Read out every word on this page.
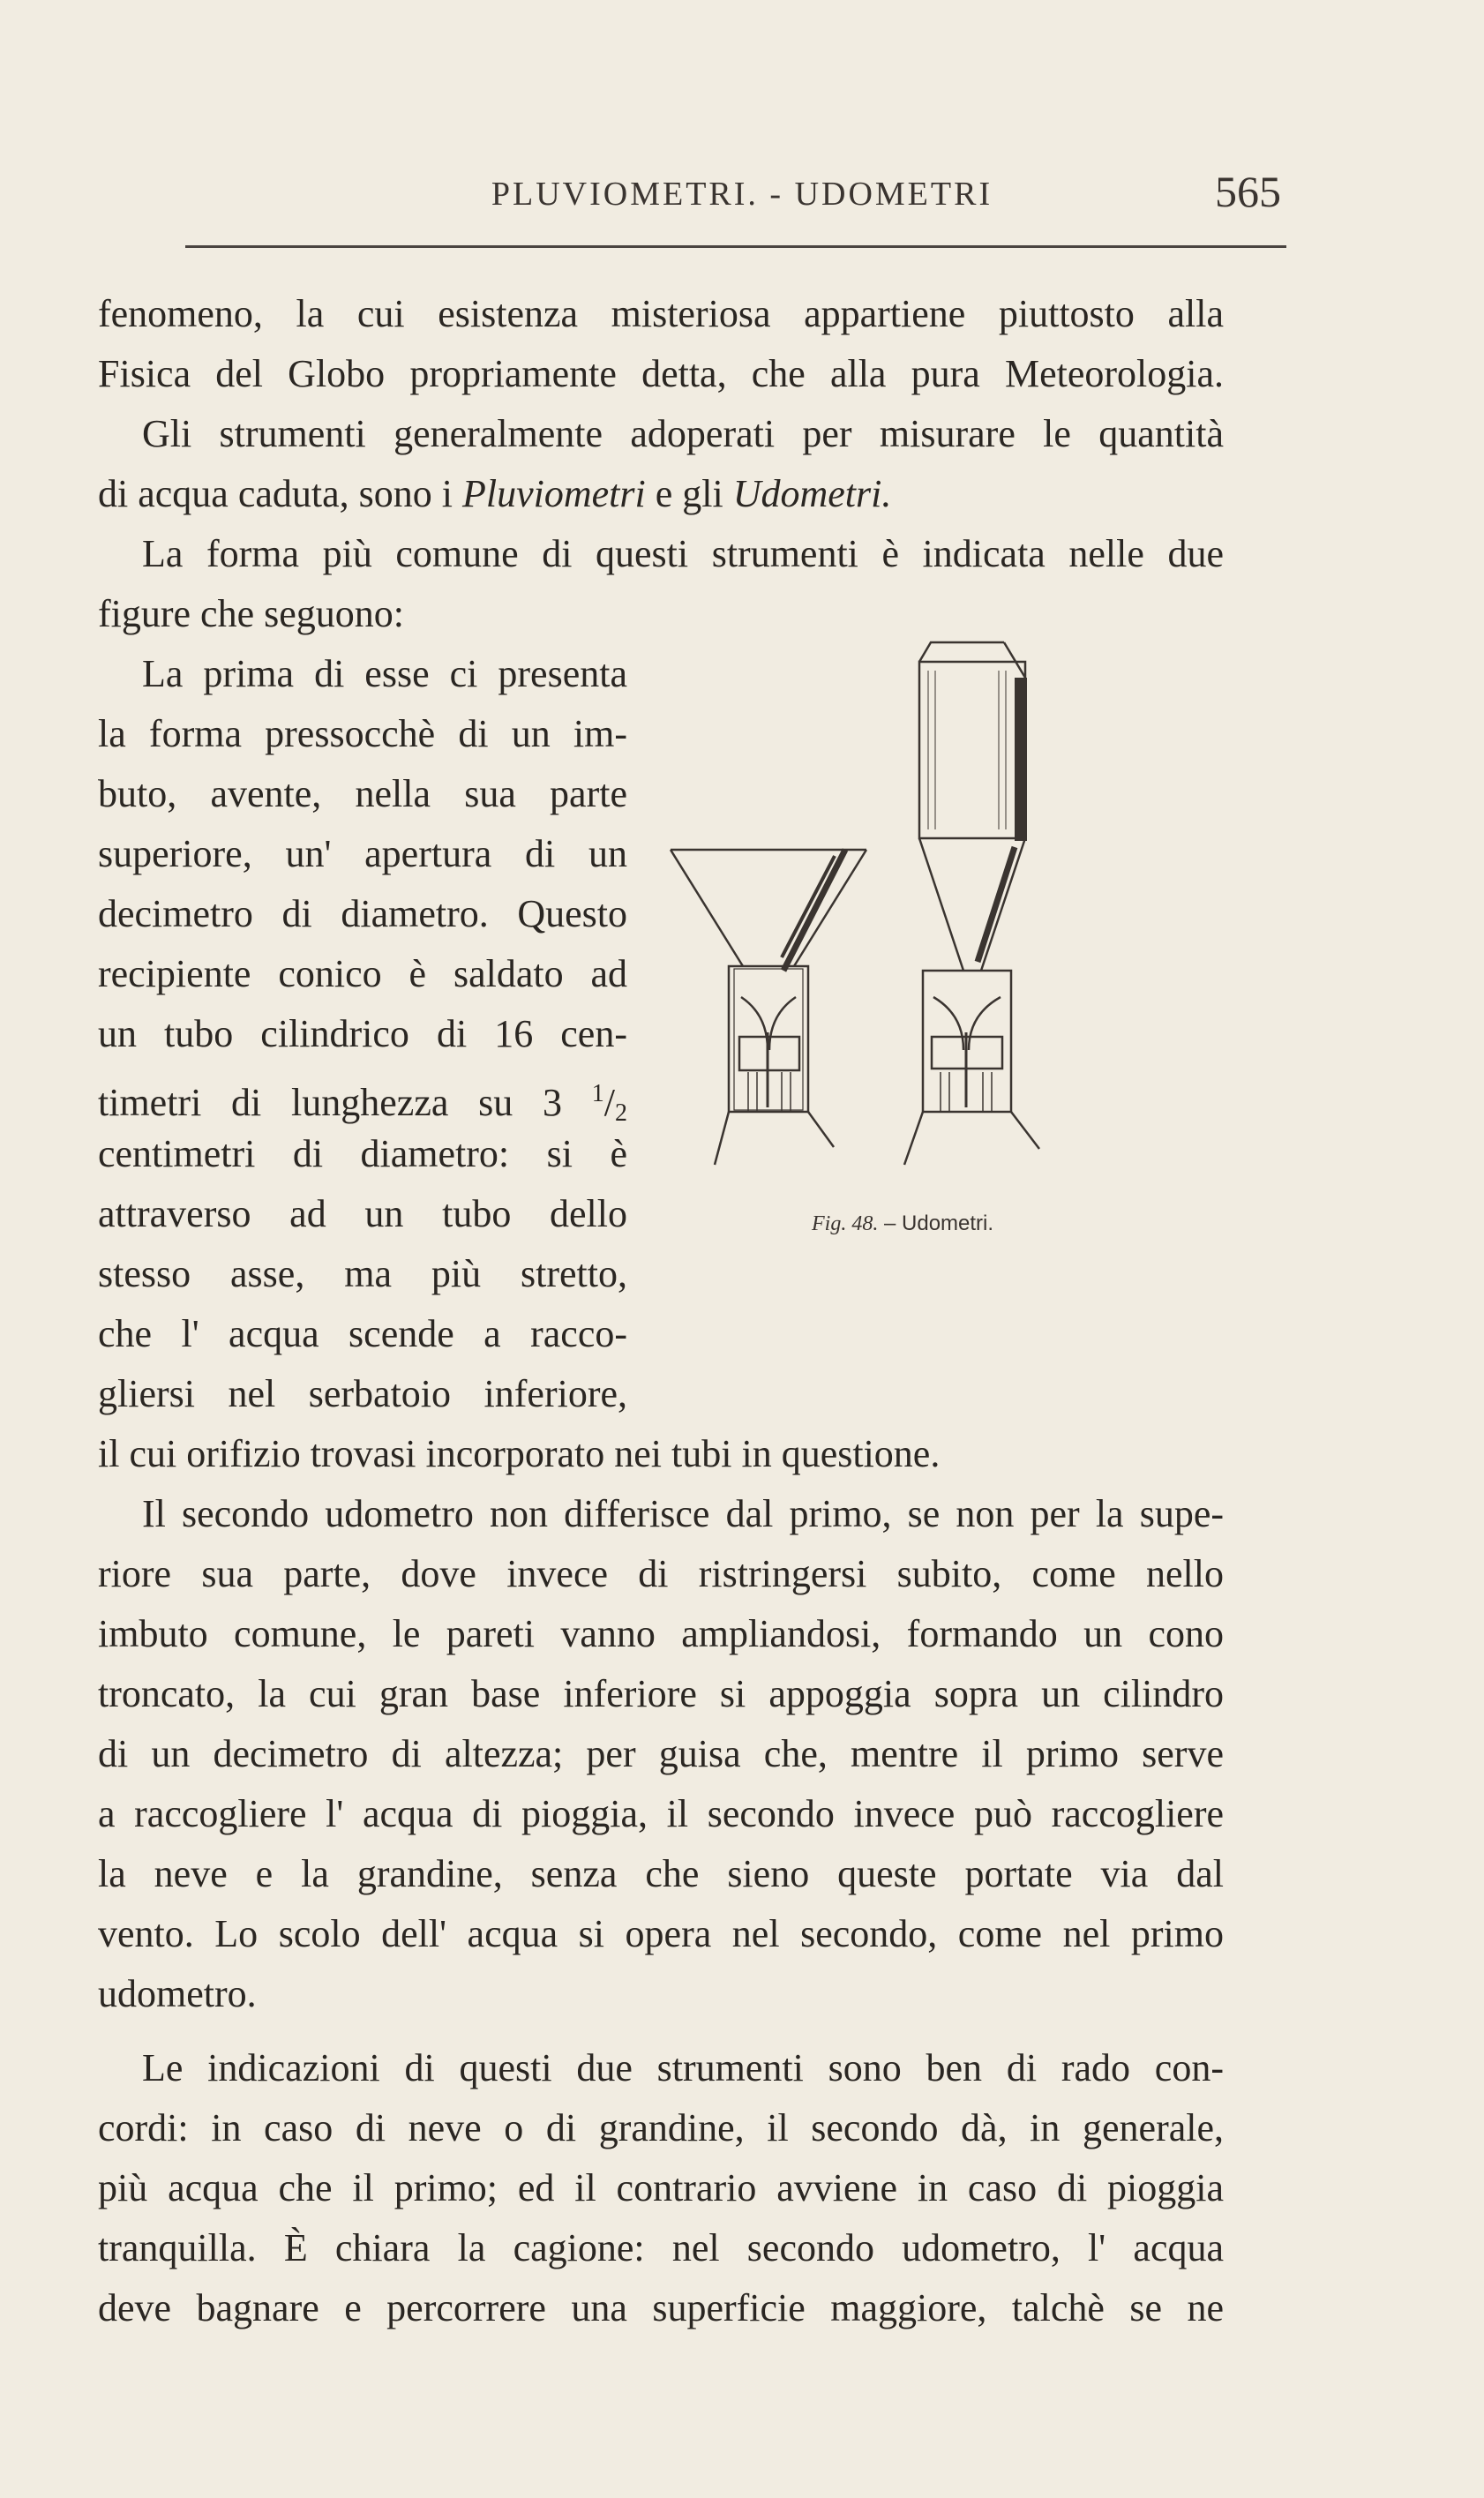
PLUVIOMETRI. - UDOMETRI	565
fenomeno, la cui esistenza misteriosa appartiene piuttosto alla
Fisica del Globo propriamente detta, che alla pura Meteorologia.
Gli strumenti generalmente adoperati per misurare le quantità
di acqua caduta, sono i Pluviometri e gli Udometri.
La forma più comune di questi strumenti è indicata nelle due
figure che seguono:
La prima di esse ci presenta
la forma pressocchè di un im-
buto, avente, nella sua parte
superiore, un' apertura di un
decimetro di diametro. Questo
recipiente conico è saldato ad
un tubo cilindrico di 16 cen-
timetri di lunghezza su 3 $^1$/2
centimetri di diametro: si è
attraverso ad un tubo dello
stesso asse, ma più stretto,
che l' acqua scende a racco-
gliersi nel serbatoio inferiore,
il cui orifizio trovasi incorporato nei tubi in questione.
Il secondo udometro non differisce dal primo, se non per la supe-
riore sua parte, dove invece di ristringersi subito, come nello
imbuto comune, le pareti vanno ampliandosi, formando un cono
troncato, la cui gran base inferiore si appoggia sopra un cilindro
di un decimetro di altezza; per guisa che, mentre il primo serve
a raccogliere l' acqua di pioggia, il secondo invece può raccogliere
la neve e la grandine, senza che sieno queste portate via dal
vento. Lo scolo dell' acqua si opera nel secondo, come nel primo
udometro.
Le indicazioni di questi due strumenti sono ben di rado con-
cordi: in caso di neve o di grandine, il secondo dà, in generale,
più acqua che il primo; ed il contrario avviene in caso di pioggia
tranquilla. È chiara la cagione: nel secondo udometro, l' acqua
deve bagnare e percorrere una superficie maggiore, talchè se ne
Fig. 48. – Udometri.
